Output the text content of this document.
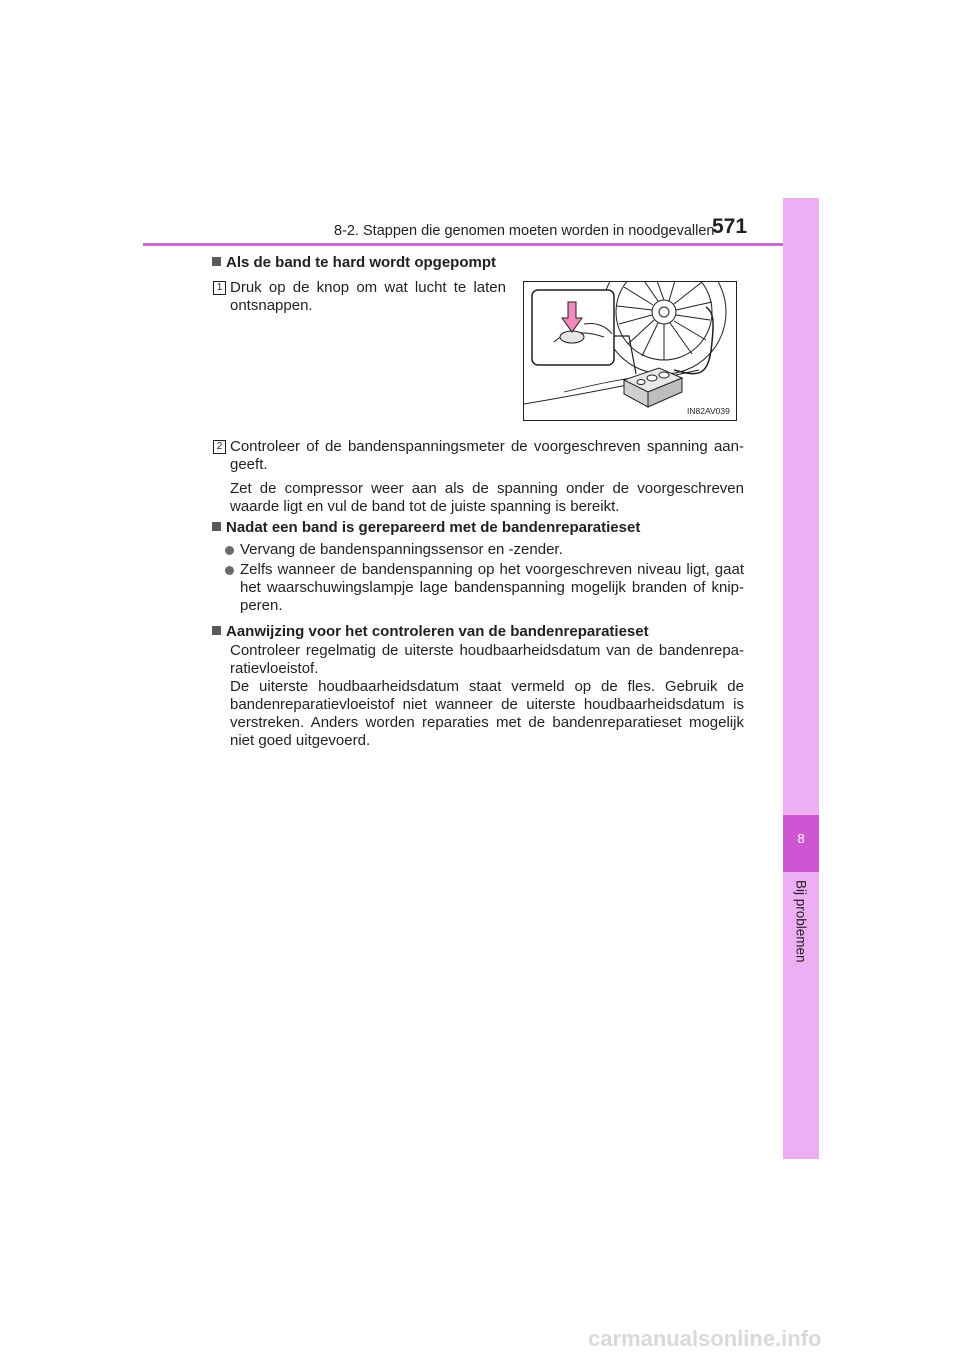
8-2. Stappen die genomen moeten worden in noodgevallen
571
8
Bij problemen
Als de band te hard wordt opgepompt
1 Druk op de knop om wat lucht te laten ontsnappen.
IN82AV039
2 Controleer of de bandenspanningsmeter de voorgeschreven spanning aan-geeft.
Zet de compressor weer aan als de spanning onder de voorgeschreven waarde ligt en vul de band tot de juiste spanning is bereikt.
Nadat een band is gerepareerd met de bandenreparatieset
Vervang de bandenspanningssensor en -zender.
Zelfs wanneer de bandenspanning op het voorgeschreven niveau ligt, gaat het waarschuwingslampje lage bandenspanning mogelijk branden of knip-peren.
Aanwijzing voor het controleren van de bandenreparatieset
Controleer regelmatig de uiterste houdbaarheidsdatum van de bandenrepa-ratievloeistof.
De uiterste houdbaarheidsdatum staat vermeld op de fles. Gebruik de bandenreparatievloeistof niet wanneer de uiterste houdbaarheidsdatum is verstreken. Anders worden reparaties met de bandenreparatieset mogelijk niet goed uitgevoerd.
carmanualsonline.info
